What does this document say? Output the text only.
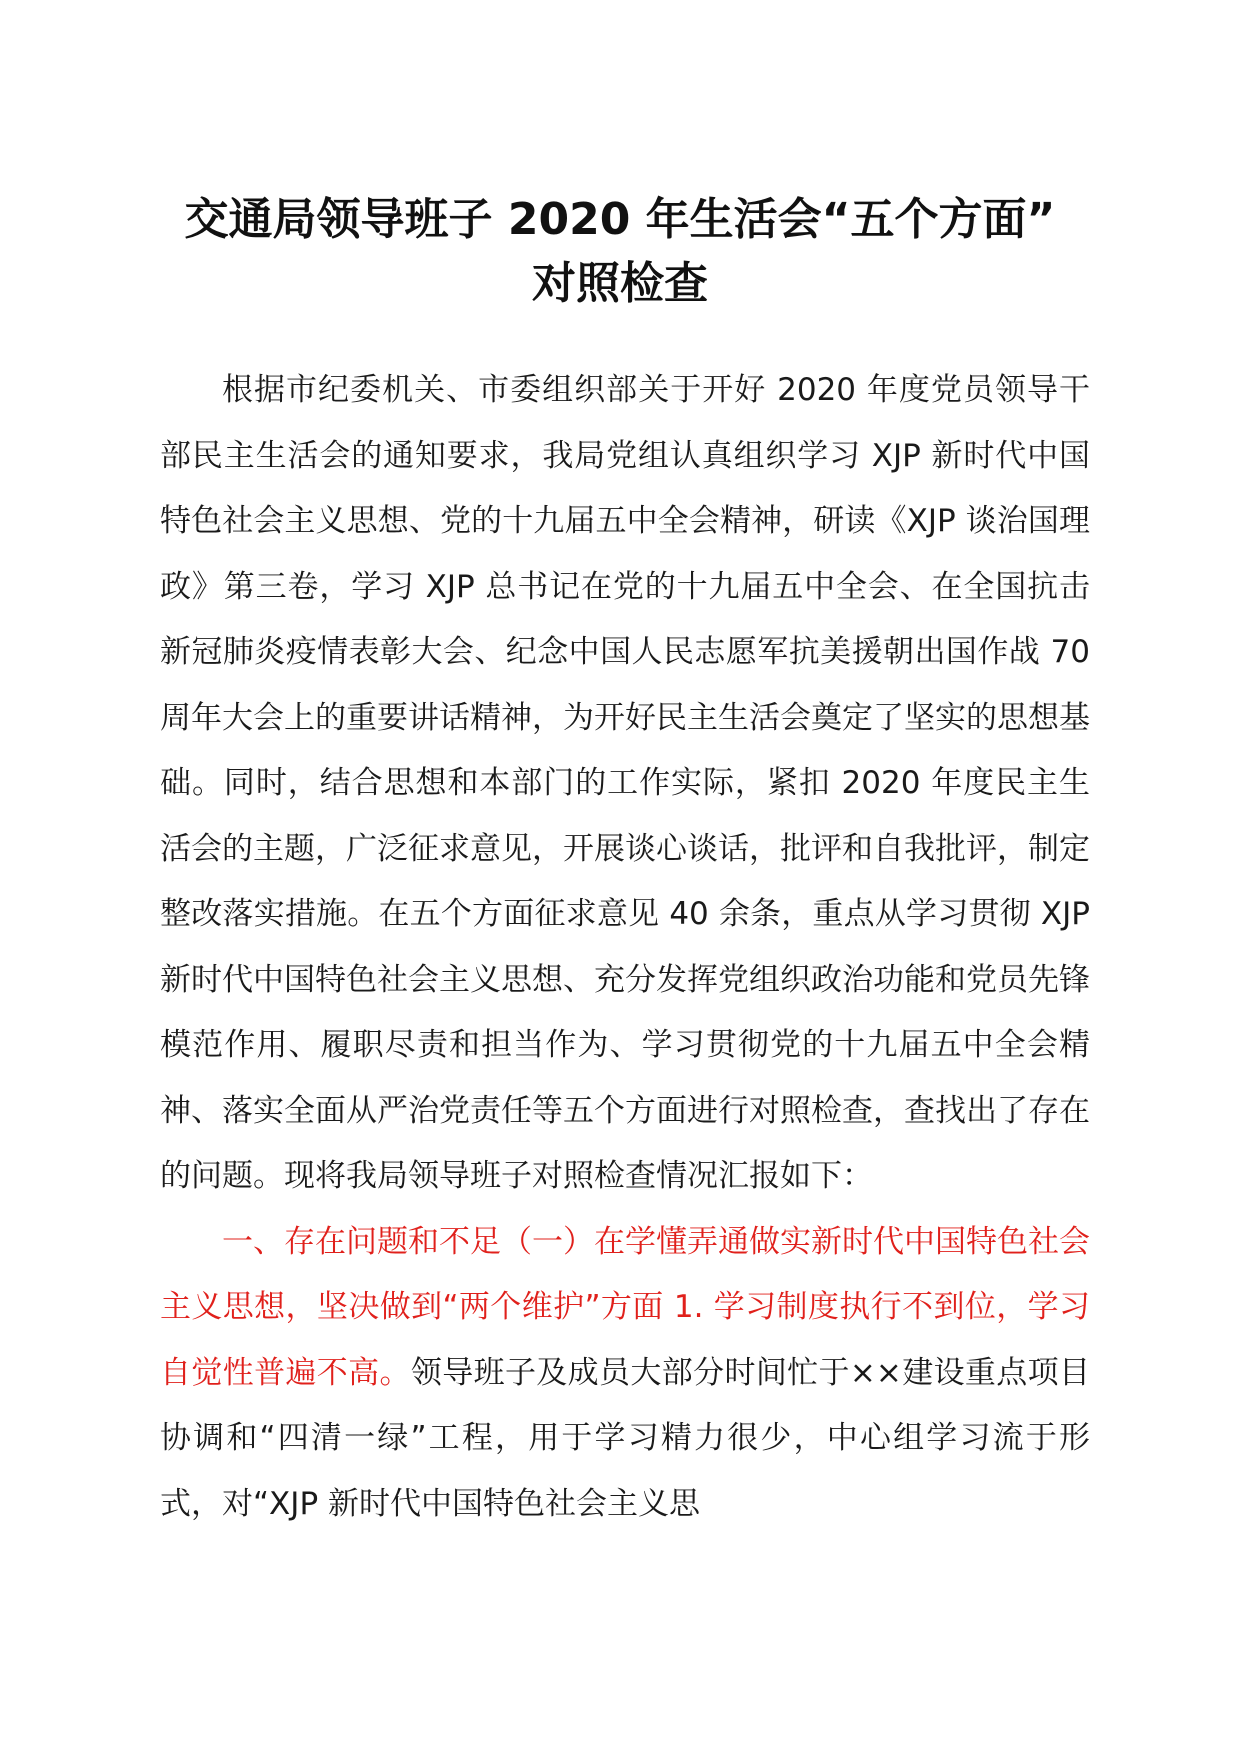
交通局领导班子 2020 年生活会“五个方面”
对照检查

根据市纪委机关、市委组织部关于开好 2020 年度党员领导干部民主生活会的通知要求，我局党组认真组织学习 XJP 新时代中国特色社会主义思想、党的十九届五中全会精神，研读《XJP 谈治国理政》第三卷，学习 XJP 总书记在党的十九届五中全会、在全国抗击新冠肺炎疫情表彰大会、纪念中国人民志愿军抗美援朝出国作战 70 周年大会上的重要讲话精神，为开好民主生活会奠定了坚实的思想基础。同时，结合思想和本部门的工作实际，紧扣 2020 年度民主生活会的主题，广泛征求意见，开展谈心谈话，批评和自我批评，制定整改落实措施。在五个方面征求意见 40 余条，重点从学习贯彻 XJP 新时代中国特色社会主义思想、充分发挥党组织政治功能和党员先锋模范作用、履职尽责和担当作为、学习贯彻党的十九届五中全会精神、落实全面从严治党责任等五个方面进行对照检查，查找出了存在的问题。现将我局领导班子对照检查情况汇报如下：

一、存在问题和不足（一）在学懂弄通做实新时代中国特色社会主义思想，坚决做到“两个维护”方面 1. 学习制度执行不到位，学习自觉性普遍不高。领导班子及成员大部分时间忙于××建设重点项目协调和“四清一绿”工程，用于学习精力很少，中心组学习流于形式，对“XJP 新时代中国特色社会主义思
